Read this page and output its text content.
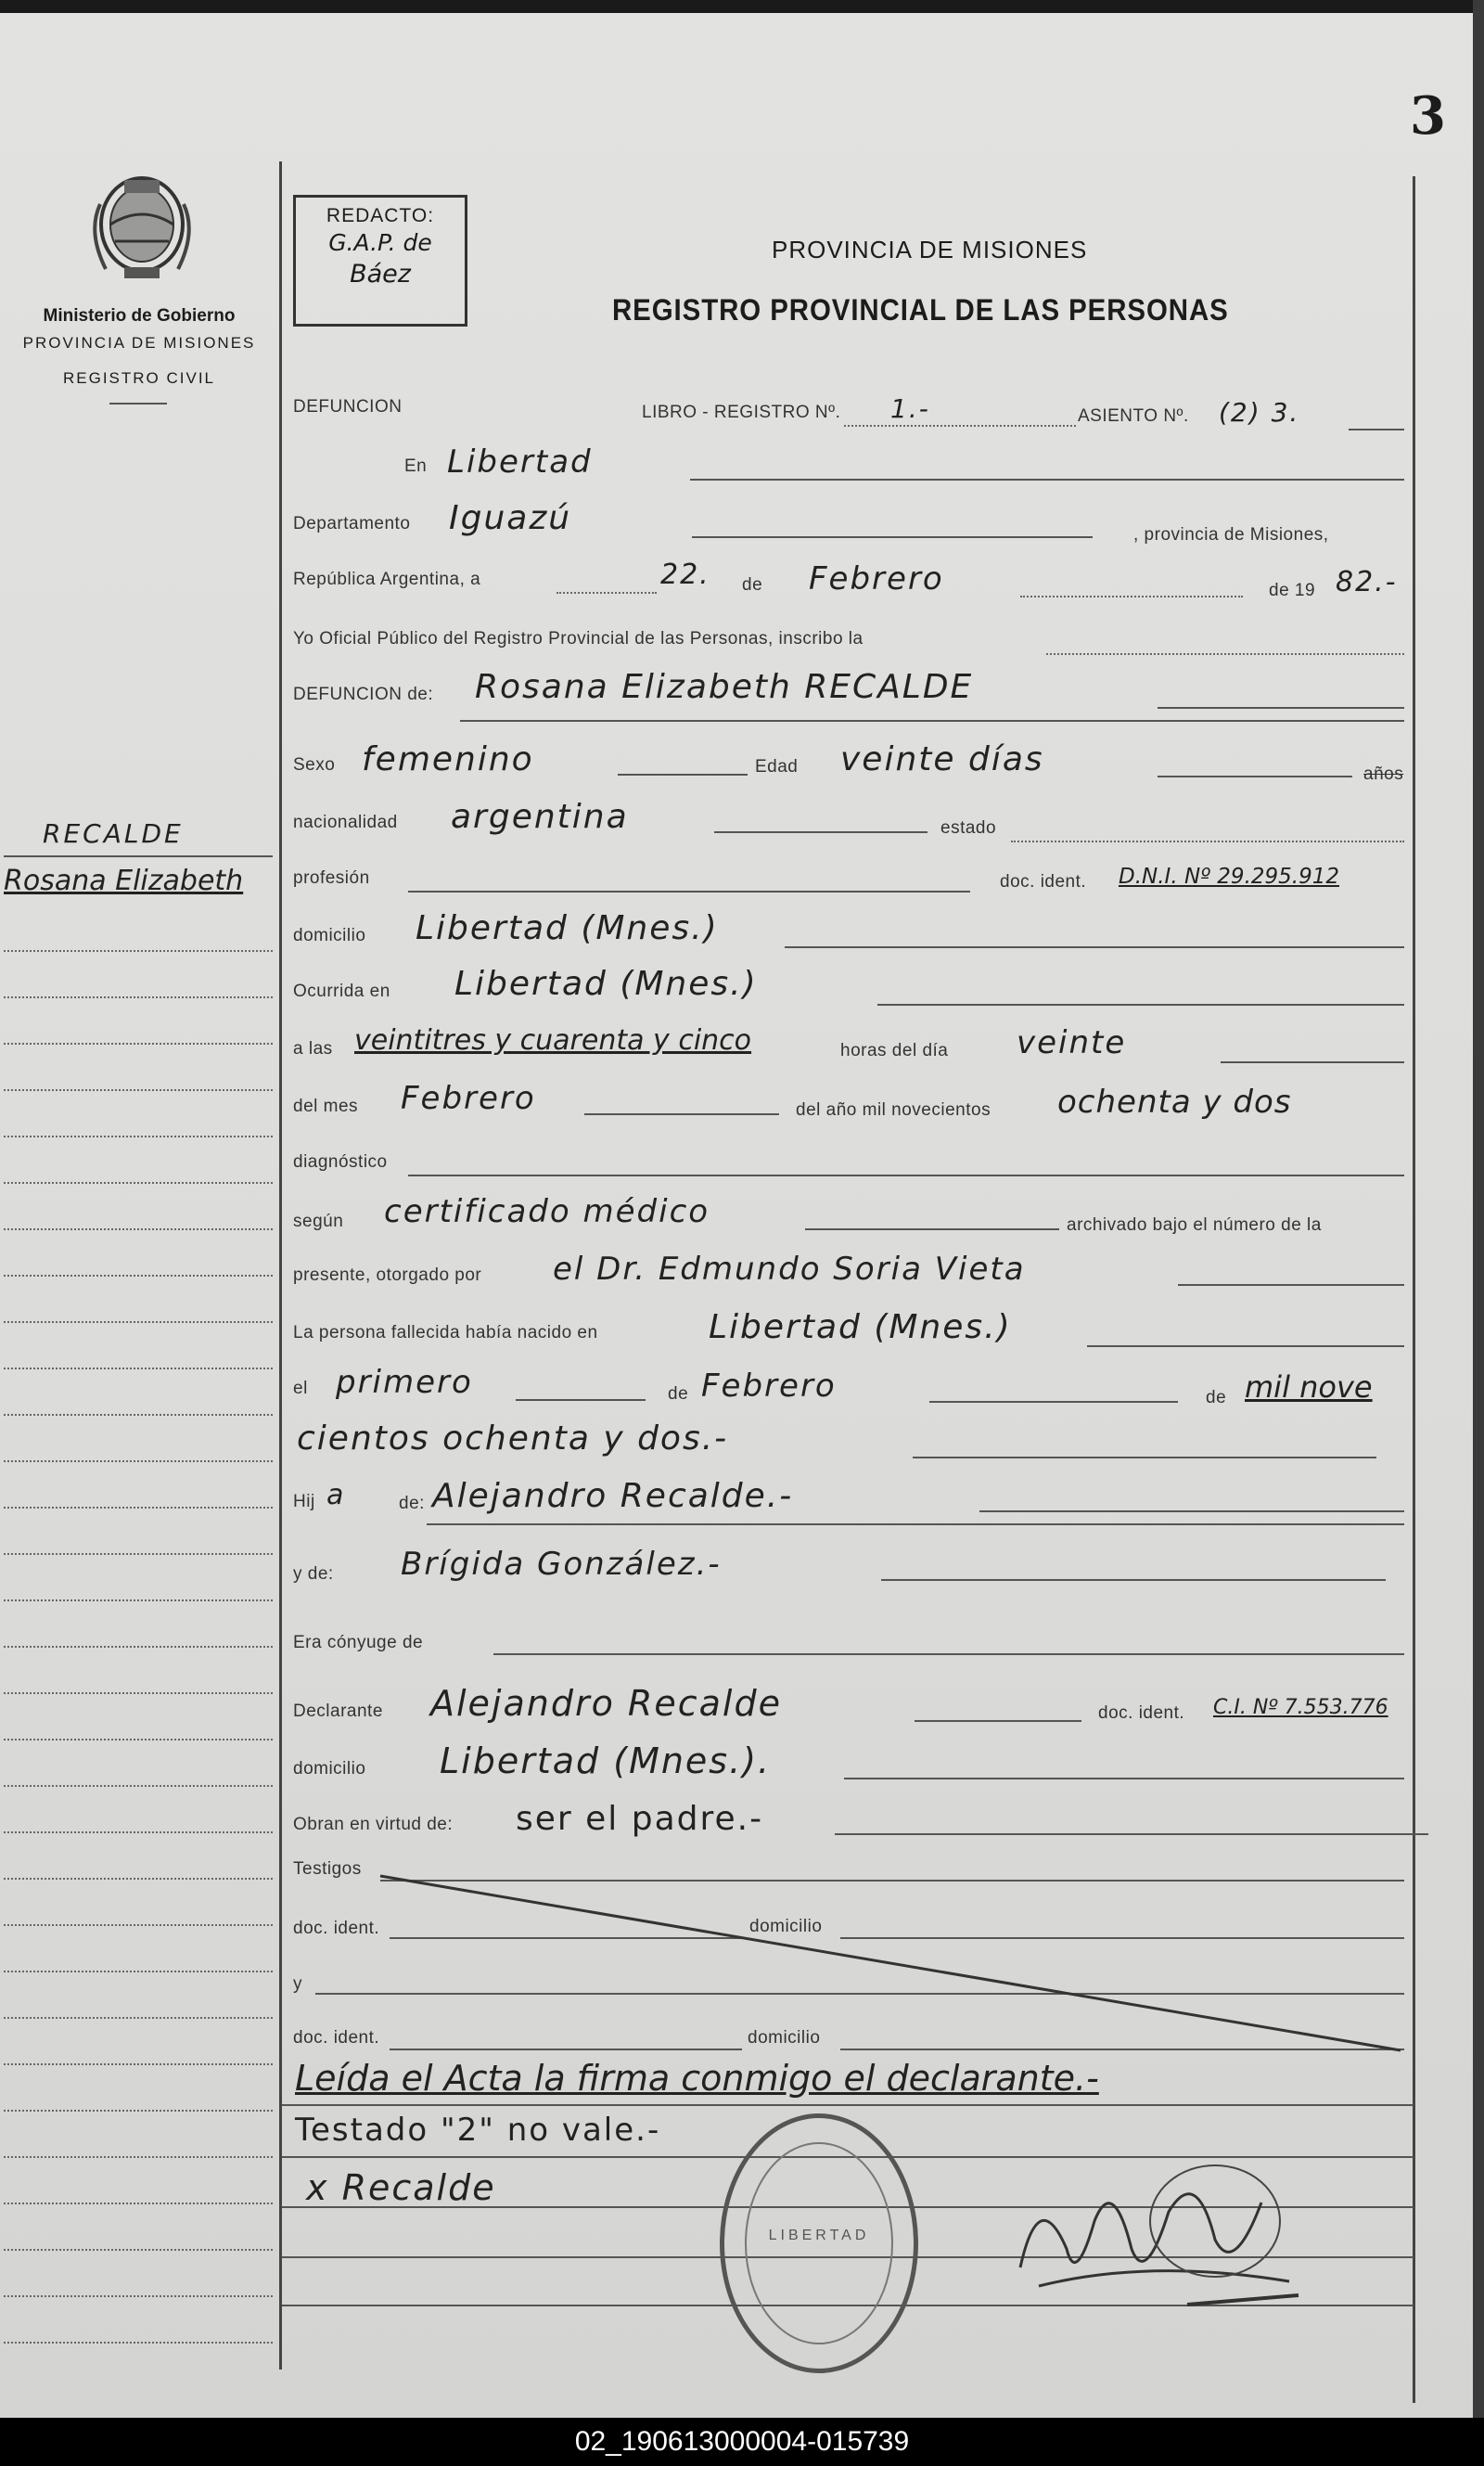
3
Ministerio de Gobierno
PROVINCIA DE MISIONES
REGISTRO CIVIL
RECALDE
Rosana Elizabeth
REDACTO:
G.A.P. de
Báez
PROVINCIA DE MISIONES
REGISTRO PROVINCIAL DE LAS PERSONAS
DEFUNCION	LIBRO - REGISTRO Nº. 1.-	ASIENTO Nº. (2) 3.
En Libertad
Departamento Iguazú	, provincia de Misiones,
República Argentina, a	22. de Febrero	de 19 82.-
Yo Oficial Público del Registro Provincial de las Personas, inscribo la
DEFUNCION de: Rosana Elizabeth RECALDE
Sexo femenino	Edad veinte días	años
nacionalidad argentina	estado
profesión	doc. ident. D.N.I. Nº 29.295.912
domicilio Libertad (Mnes.)
Ocurrida en Libertad (Mnes.)
a las veintitres y cuarenta y cinco	horas del día veinte
del mes Febrero	del año mil novecientos ochenta y dos
diagnóstico
según certificado médico	archivado bajo el número de la
presente, otorgado por el Dr. Edmundo Soria Vieta
La persona fallecida había nacido en	Libertad (Mnes.)
el primero	de Febrero	de mil nove
cientos ochenta y dos.-
Hij a	de: Alejandro Recalde.-
y de: Brígida González.-
Era cónyuge de
Declarante Alejandro Recalde	doc. ident. C.I. Nº 7.553.776
domicilio Libertad (Mnes.).
Obran en virtud de: ser el padre.-
Testigos
doc. ident.	domicilio
y
doc. ident.	domicilio
Leída el Acta la firma conmigo el declarante.-
Testado "2" no vale.-
x Recalde
LIBERTAD
02_190613000004-015739
